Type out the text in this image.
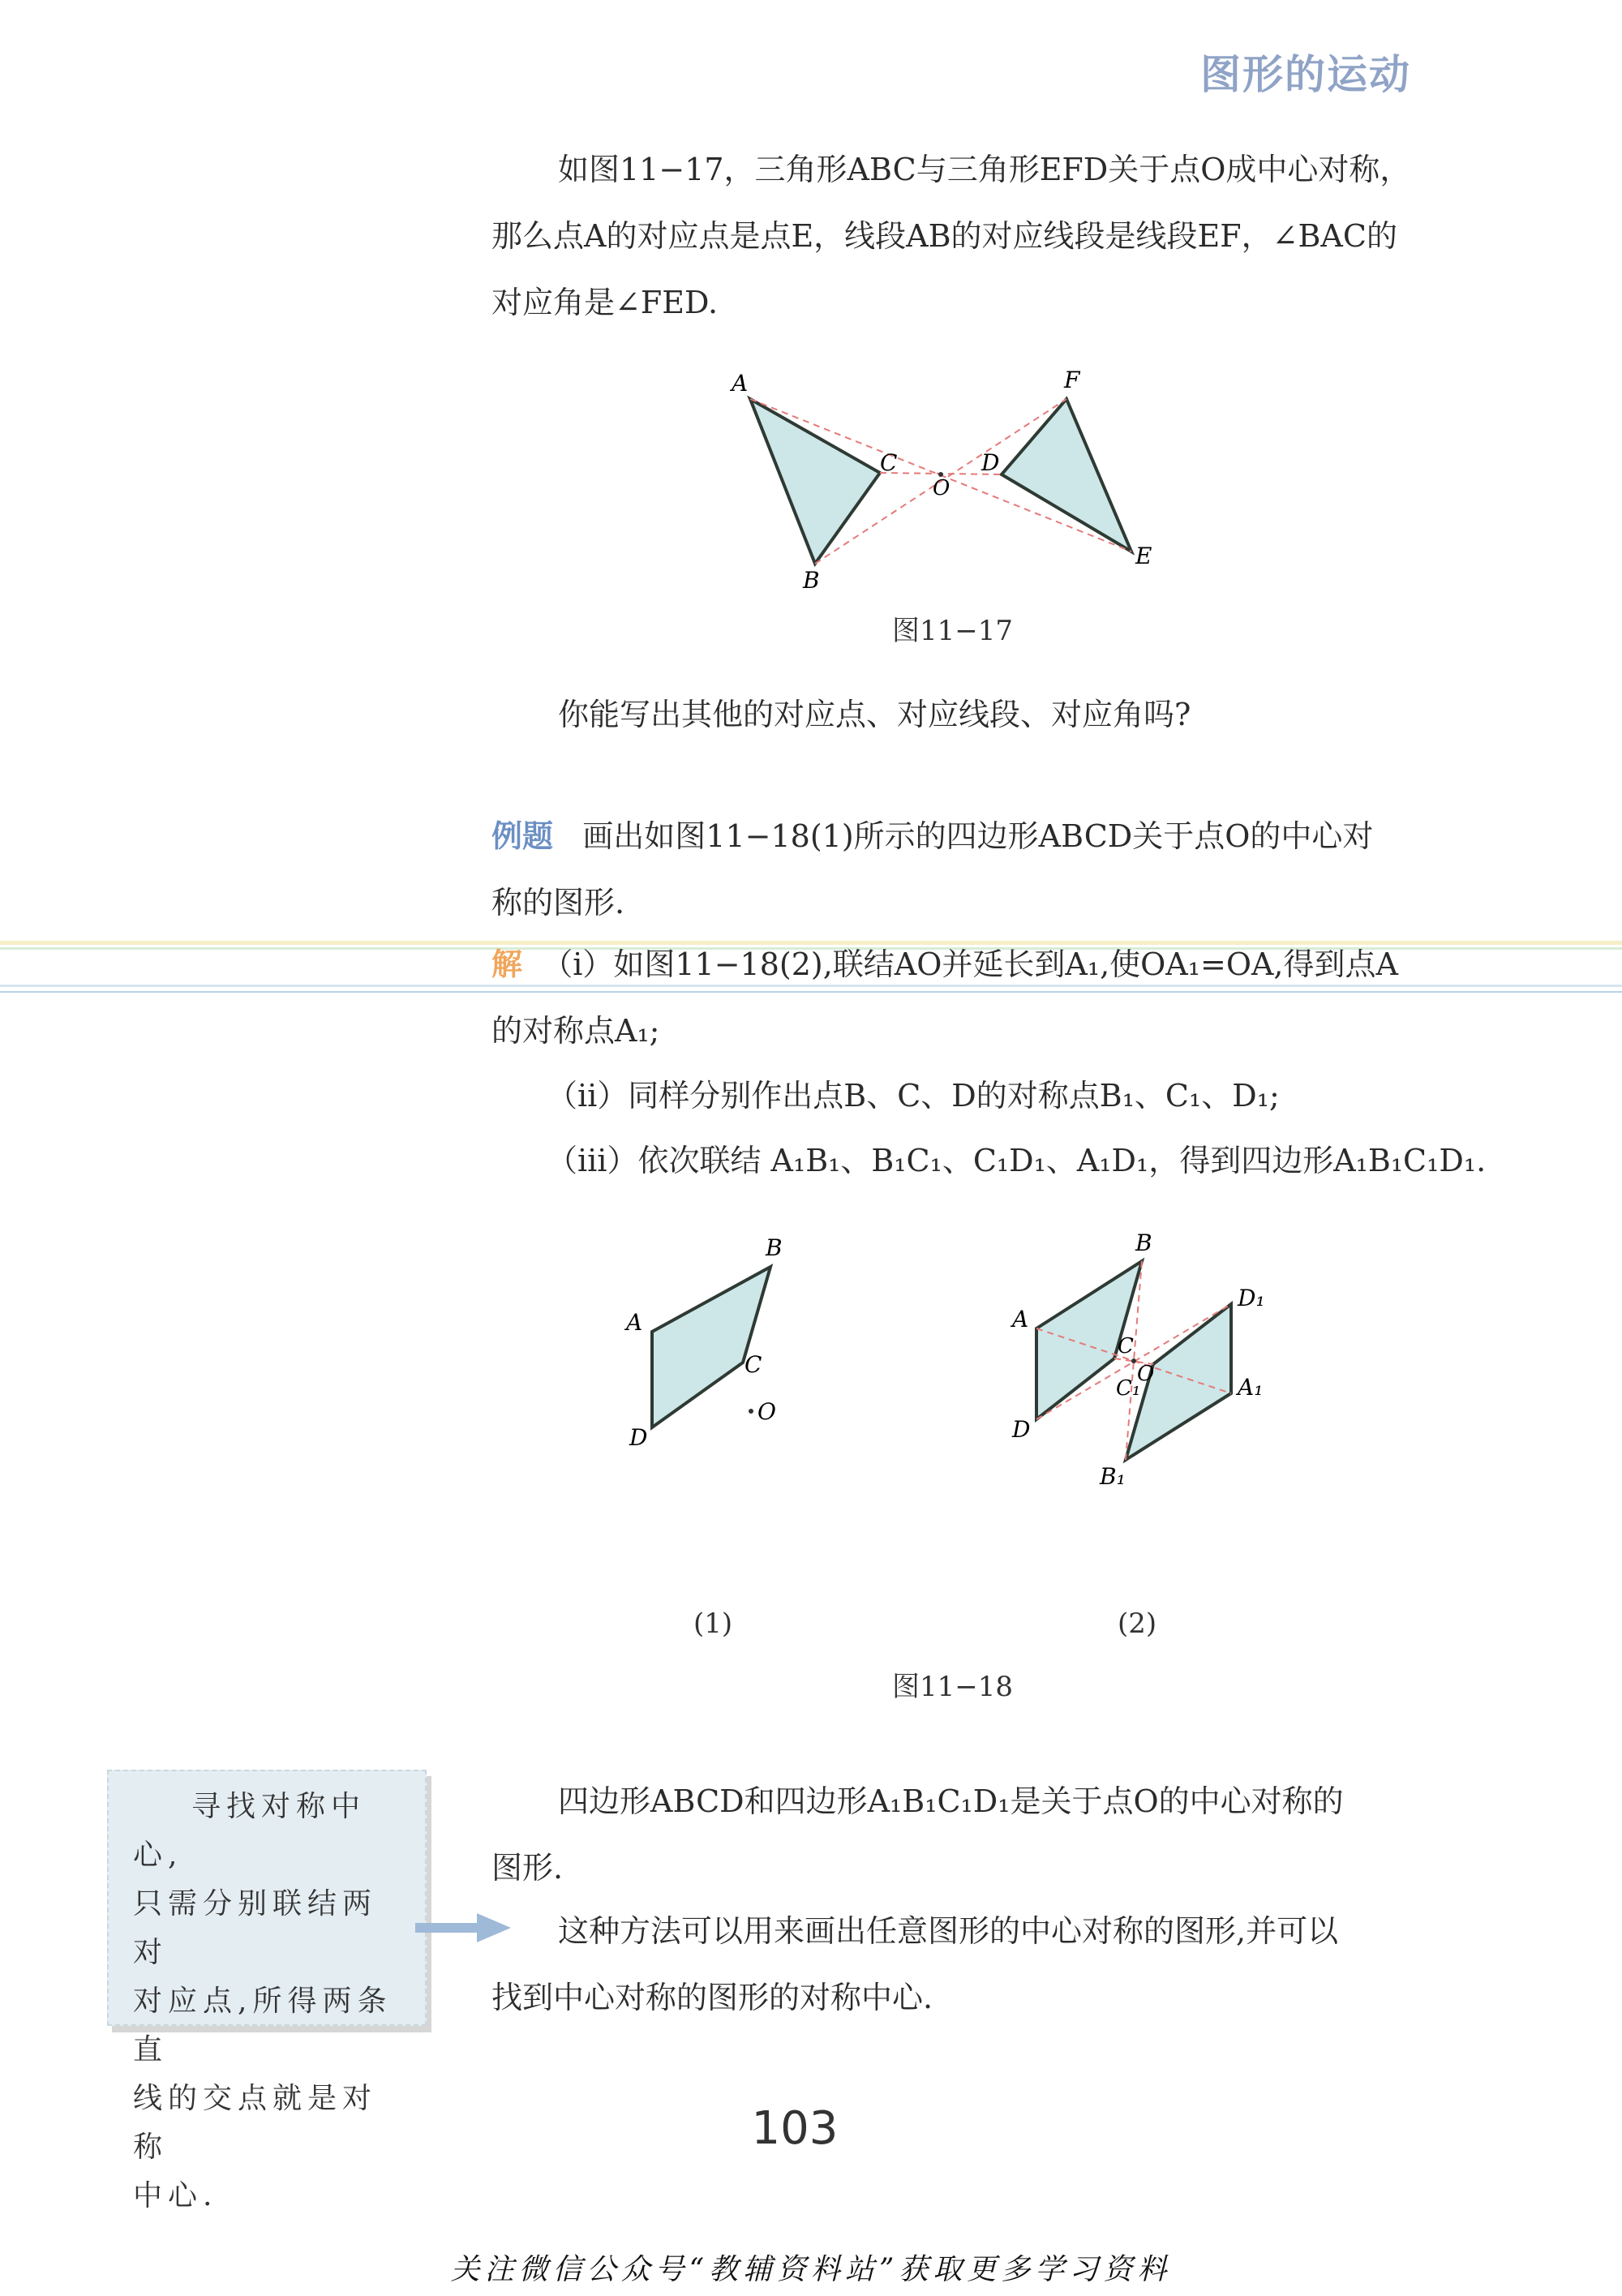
图形的运动
如图11−17，三角形ABC与三角形EFD关于点O成中心对称，
那么点A的对应点是点E，线段AB的对应线段是线段EF，∠BAC的
对应角是∠FED.
A
B
C
O
D
E
F
图11−17
你能写出其他的对应点、对应线段、对应角吗?
例题 画出如图11−18(1)所示的四边形ABCD关于点O的中心对
称的图形.
解 （ⅰ）如图11−18(2),联结AO并延长到A₁,使OA₁=OA,得到点A
的对称点A₁;
（ⅱ）同样分别作出点B、C、D的对称点B₁、C₁、D₁;
（ⅲ）依次联结 A₁B₁、B₁C₁、C₁D₁、A₁D₁，得到四边形A₁B₁C₁D₁.
A
B
C
D
O
(1)
A
B
C
D
O	A₁
B₁
C₁
D₁
(2)
图11−18
寻找对称中心,
只需分别联结两对
对应点,所得两条直
线的交点就是对称
中心.
四边形ABCD和四边形A₁B₁C₁D₁是关于点O的中心对称的
图形.
这种方法可以用来画出任意图形的中心对称的图形,并可以
找到中心对称的图形的对称中心.
103
关注微信公众号“教辅资料站”获取更多学习资料
